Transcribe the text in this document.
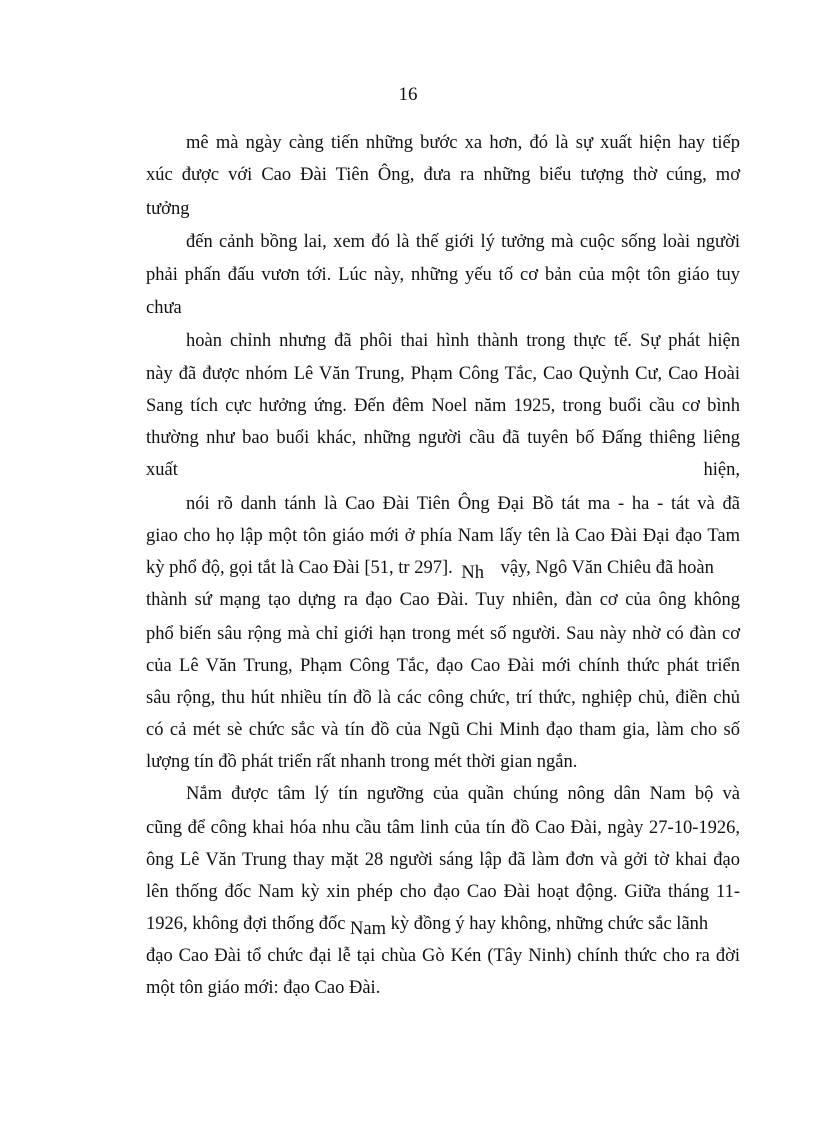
16
mê mà ngày càng tiến những bước xa hơn, đó là sự xuất hiện hay tiếp
xúc được với Cao Đài Tiên Ông, đưa ra những biểu tượng thờ cúng, mơ
tưởng
đến cảnh bồng lai, xem đó là thế giới lý tưởng mà cuộc sống loài người
phải phấn đấu vươn tới. Lúc này, những yếu tố cơ bản của một tôn giáo tuy
chưa
hoàn chỉnh nhưng đã phôi thai hình thành trong thực tế. Sự phát hiện
này đã được nhóm Lê Văn Trung, Phạm Công Tắc, Cao Quỳnh Cư, Cao Hoài
Sang tích cực hưởng ứng. Đến đêm Noel năm 1925, trong buổi cầu cơ bình
thường như bao buổi khác, những người cầu đã tuyên bố Đấng thiêng liêng
xuất	hiện,
nói rõ danh tánh là Cao Đài Tiên Ông Đại Bồ tát ma - ha - tát và đã
giao cho họ lập một tôn giáo mới ở phía Nam lấy tên là Cao Đài Đại đạo Tam
kỳ phổ độ, gọi tắt là Cao Đài [51, tr 297]. Nh vậy, Ngô Văn Chiêu đã hoàn
thành sứ mạng tạo dựng ra đạo Cao Đài. Tuy nhiên, đàn cơ của ông không
phổ biến sâu rộng mà chỉ giới hạn trong mét số người. Sau này nhờ có đàn cơ
của Lê Văn Trung, Phạm Công Tắc, đạo Cao Đài mới chính thức phát triển
sâu rộng, thu hút nhiều tín đồ là các công chức, trí thức, nghiệp chủ, điền chủ
có cả mét sè chức sắc và tín đồ của Ngũ Chi Minh đạo tham gia, làm cho số
lượng tín đồ phát triển rất nhanh trong mét thời gian ngắn.
Nắm được tâm lý tín ngưỡng của quần chúng nông dân Nam bộ và
cũng để công khai hóa nhu cầu tâm linh của tín đồ Cao Đài, ngày 27-10-1926,
ông Lê Văn Trung thay mặt 28 người sáng lập đã làm đơn và gởi tờ khai đạo
lên thống đốc Nam kỳ xin phép cho đạo Cao Đài hoạt động. Giữa tháng 11-
1926, không đợi thống đốc Nam kỳ đồng ý hay không, những chức sắc lãnh
đạo Cao Đài tổ chức đại lễ tại chùa Gò Kén (Tây Ninh) chính thức cho ra đời
một tôn giáo mới: đạo Cao Đài.
